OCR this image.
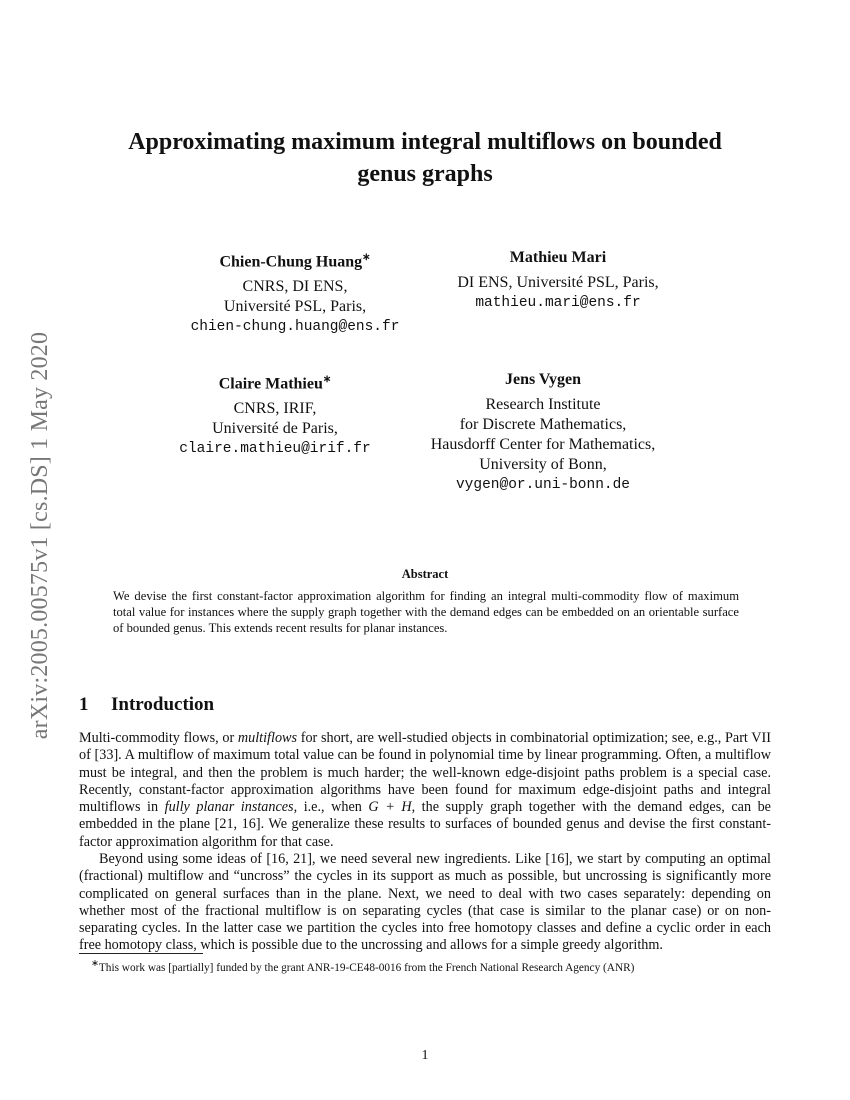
arXiv:2005.00575v1 [cs.DS] 1 May 2020
Approximating maximum integral multiflows on bounded
genus graphs
Chien-Chung Huang∗
CNRS, DI ENS,
Université PSL, Paris,
chien-chung.huang@ens.fr
Mathieu Mari
DI ENS, Université PSL, Paris,
mathieu.mari@ens.fr
Claire Mathieu∗
CNRS, IRIF,
Université de Paris,
claire.mathieu@irif.fr
Jens Vygen
Research Institute
for Discrete Mathematics,
Hausdorff Center for Mathematics,
University of Bonn,
vygen@or.uni-bonn.de
Abstract
We devise the first constant-factor approximation algorithm for finding an integral multi-commodity flow of maximum total value for instances where the supply graph together with the demand edges can be embedded on an orientable surface of bounded genus. This extends recent results for planar instances.
1 Introduction

Multi-commodity flows, or multiflows for short, are well-studied objects in combinatorial optimization; see, e.g., Part VII of [33]. A multiflow of maximum total value can be found in polynomial time by linear programming. Often, a multiflow must be integral, and then the problem is much harder; the well-known edge-disjoint paths problem is a special case. Recently, constant-factor approximation algorithms have been found for maximum edge-disjoint paths and integral multiflows in fully planar instances, i.e., when G + H, the supply graph together with the demand edges, can be embedded in the plane [21, 16]. We generalize these results to surfaces of bounded genus and devise the first constant-factor approximation algorithm for that case.

Beyond using some ideas of [16, 21], we need several new ingredients. Like [16], we start by computing an optimal (fractional) multiflow and “uncross” the cycles in its support as much as possible, but uncrossing is significantly more complicated on general surfaces than in the plane. Next, we need to deal with two cases separately: depending on whether most of the fractional multiflow is on separating cycles (that case is similar to the planar case) or on non-separating cycles. In the latter case we partition the cycles into free homotopy classes and define a cyclic order in each free homotopy class, which is possible due to the uncrossing and allows for a simple greedy algorithm.

∗This work was [partially] funded by the grant ANR-19-CE48-0016 from the French National Research Agency (ANR)
1
